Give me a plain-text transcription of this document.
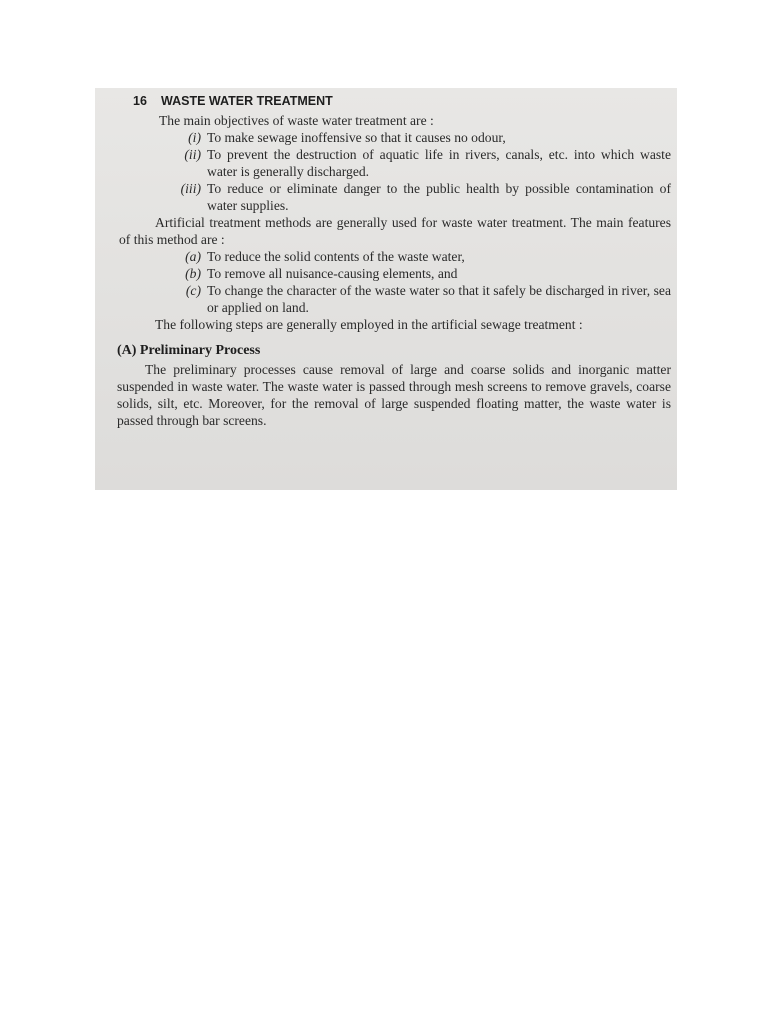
16 WASTE WATER TREATMENT

The main objectives of waste water treatment are :

(i) To make sewage inoffensive so that it causes no odour,
(ii) To prevent the destruction of aquatic life in rivers, canals, etc. into which waste water is generally discharged.
(iii) To reduce or eliminate danger to the public health by possible contamination of water supplies.

Artificial treatment methods are generally used for waste water treatment. The main features of this method are :

(a) To reduce the solid contents of the waste water,
(b) To remove all nuisance-causing elements, and
(c) To change the character of the waste water so that it safely be discharged in river, sea or applied on land.

The following steps are generally employed in the artificial sewage treatment :

(A) Preliminary Process

The preliminary processes cause removal of large and coarse solids and inorganic matter suspended in waste water. The waste water is passed through mesh screens to remove gravels, coarse solids, silt, etc. Moreover, for the removal of large suspended floating matter, the waste water is passed through bar screens.
